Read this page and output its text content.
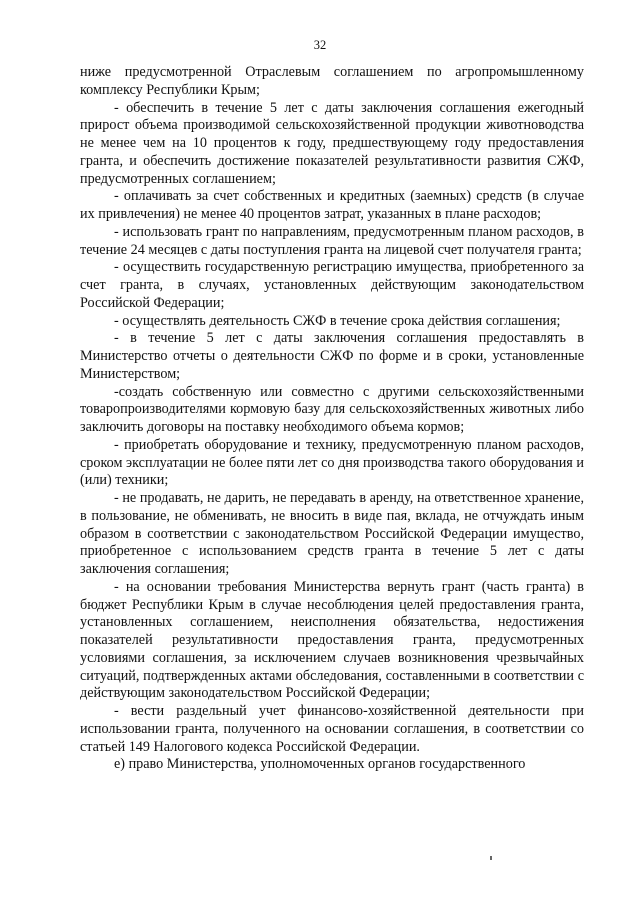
32

ниже предусмотренной Отраслевым соглашением по агропромышленному комплексу Республики Крым;

- обеспечить в течение 5 лет с даты заключения соглашения ежегодный прирост объема производимой сельскохозяйственной продукции животноводства не менее чем на 10 процентов к году, предшествующему году предоставления гранта, и обеспечить достижение показателей результативности развития СЖФ, предусмотренных соглашением;

- оплачивать за счет собственных и кредитных (заемных) средств (в случае их привлечения) не менее 40 процентов затрат, указанных в плане расходов;

- использовать грант по направлениям, предусмотренным планом расходов, в течение 24 месяцев с даты поступления гранта на лицевой счет получателя гранта;

- осуществить государственную регистрацию имущества, приобретенного за счет гранта, в случаях, установленных действующим законодательством Российской Федерации;

- осуществлять деятельность СЖФ в течение срока действия соглашения;

- в течение 5 лет с даты заключения соглашения предоставлять в Министерство отчеты о деятельности СЖФ по форме и в сроки, установленные Министерством;

-создать собственную или совместно с другими сельскохозяйственными товаропроизводителями кормовую базу для сельскохозяйственных животных либо заключить договоры на поставку необходимого объема кормов;

- приобретать оборудование и технику, предусмотренную планом расходов, сроком эксплуатации не более пяти лет со дня производства такого оборудования и (или) техники;

- не продавать, не дарить, не передавать в аренду, на ответственное хранение, в пользование, не обменивать, не вносить в виде пая, вклада, не отчуждать иным образом в соответствии с законодательством Российской Федерации имущество, приобретенное с использованием средств гранта в течение 5 лет с даты заключения соглашения;

- на основании требования Министерства вернуть грант (часть гранта) в бюджет Республики Крым в случае несоблюдения целей предоставления гранта, установленных соглашением, неисполнения обязательства, недостижения показателей результативности предоставления гранта, предусмотренных условиями соглашения, за исключением случаев возникновения чрезвычайных ситуаций, подтвержденных актами обследования, составленными в соответствии с действующим законодательством Российской Федерации;

- вести раздельный учет финансово-хозяйственной деятельности при использовании гранта, полученного на основании соглашения, в соответствии со статьей 149 Налогового кодекса Российской Федерации.

е) право Министерства, уполномоченных органов государственного
